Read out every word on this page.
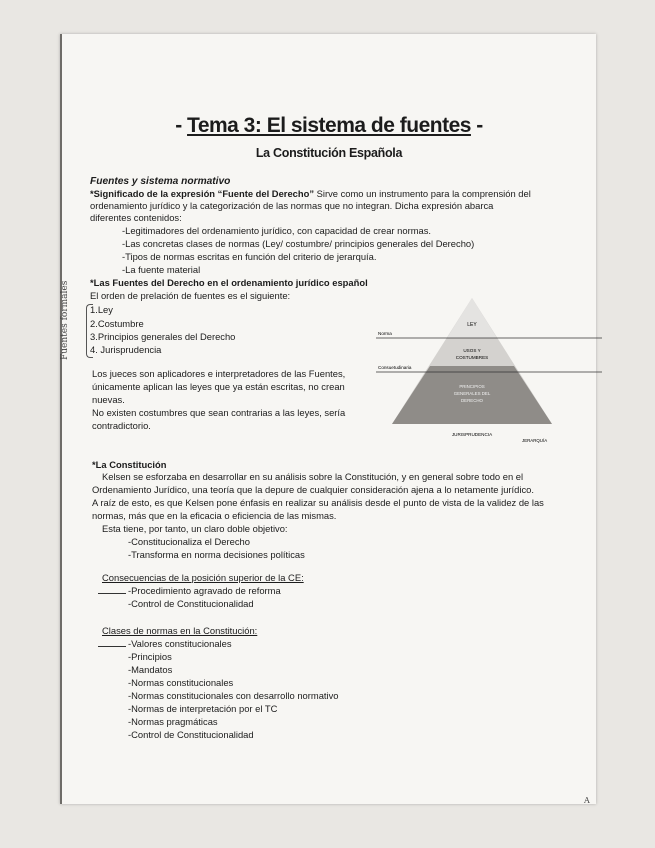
- Tema 3: El sistema de fuentes -
La Constitución Española
Fuentes y sistema normativo
*Significado de la expresión “Fuente del Derecho” Sirve como un instrumento para la comprensión del
ordenamiento jurídico y la categorización de las normas que no integran. Dicha expresión abarca
diferentes contenidos:
-Legitimadores del ordenamiento jurídico, con capacidad de crear normas.
-Las concretas clases de normas (Ley/ costumbre/ principios generales del Derecho)
-Tipos de normas escritas en función del criterio de jerarquía.
-La fuente material
*Las Fuentes del Derecho en el ordenamiento jurídico español
El orden de prelación de fuentes es el siguiente:
1.Ley
2.Costumbre
3.Principios generales del Derecho
4. Jurisprudencia
Fuentes formales
Los jueces son aplicadores e interpretadores de las Fuentes,
únicamente aplican las leyes que ya están escritas, no crean
nuevas.
No existen costumbres que sean contrarias a las leyes, sería
contradictorio.
LEY
USOS Y
COSTUMBRES
PRINCIPIOS
GENERALES DEL
DERECHO
JURISPRUDENCIA
Norma
Consuetudinaria
JERARQUÍA
*La Constitución
Kelsen se esforzaba en desarrollar en su análisis sobre la Constitución, y en general sobre todo en el
Ordenamiento Jurídico, una teoría que la depure de cualquier consideración ajena a lo netamente jurídico.
A raíz de esto, es que Kelsen pone énfasis en realizar su análisis desde el punto de vista de la validez de las
normas, más que en la eficacia o eficiencia de las mismas.
Esta tiene, por tanto, un claro doble objetivo:
-Constitucionaliza el Derecho
-Transforma en norma decisiones políticas
Consecuencias de la posición superior de la CE:
-Procedimiento agravado de reforma
-Control de Constitucionalidad
Clases de normas en la Constitución:
-Valores constitucionales
-Principios
-Mandatos
-Normas constitucionales
-Normas constitucionales con desarrollo normativo
-Normas de interpretación por el TC
-Normas pragmáticas
-Control de Constitucionalidad
A
